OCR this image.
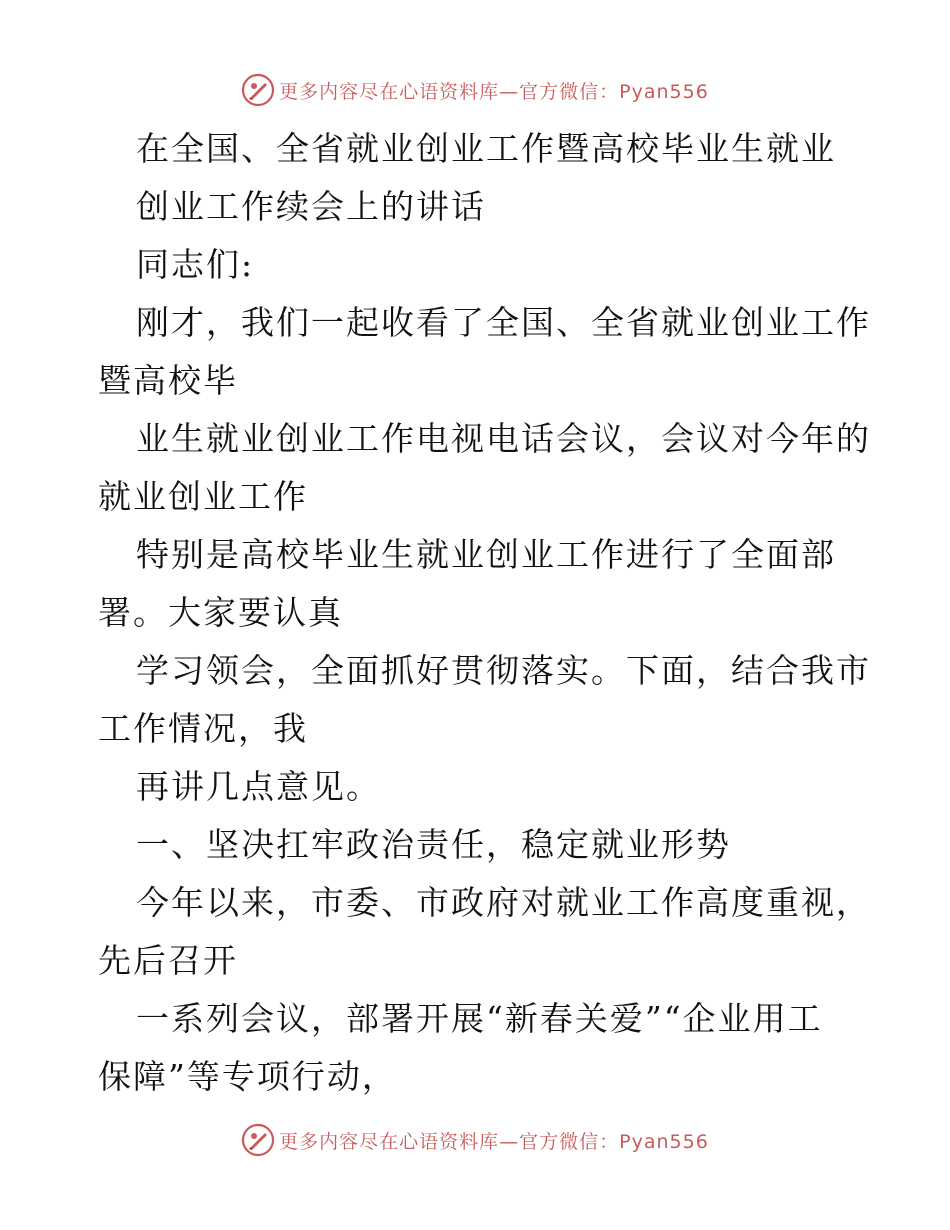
更多内容尽在心语资料库—官方微信：Pyan556
在全国、全省就业创业工作暨高校毕业生就业
创业工作续会上的讲话
同志们:
刚才，我们一起收看了全国、全省就业创业工作
暨高校毕
业生就业创业工作电视电话会议，会议对今年的
就业创业工作
特别是高校毕业生就业创业工作进行了全面部
署。大家要认真
学习领会，全面抓好贯彻落实。下面，结合我市
工作情况，我
再讲几点意见。
一、坚决扛牢政治责任，稳定就业形势
今年以来，市委、市政府对就业工作高度重视，
先后召开
一系列会议，部署开展“新春关爱”“企业用工
保障”等专项行动，
更多内容尽在心语资料库—官方微信：Pyan556
